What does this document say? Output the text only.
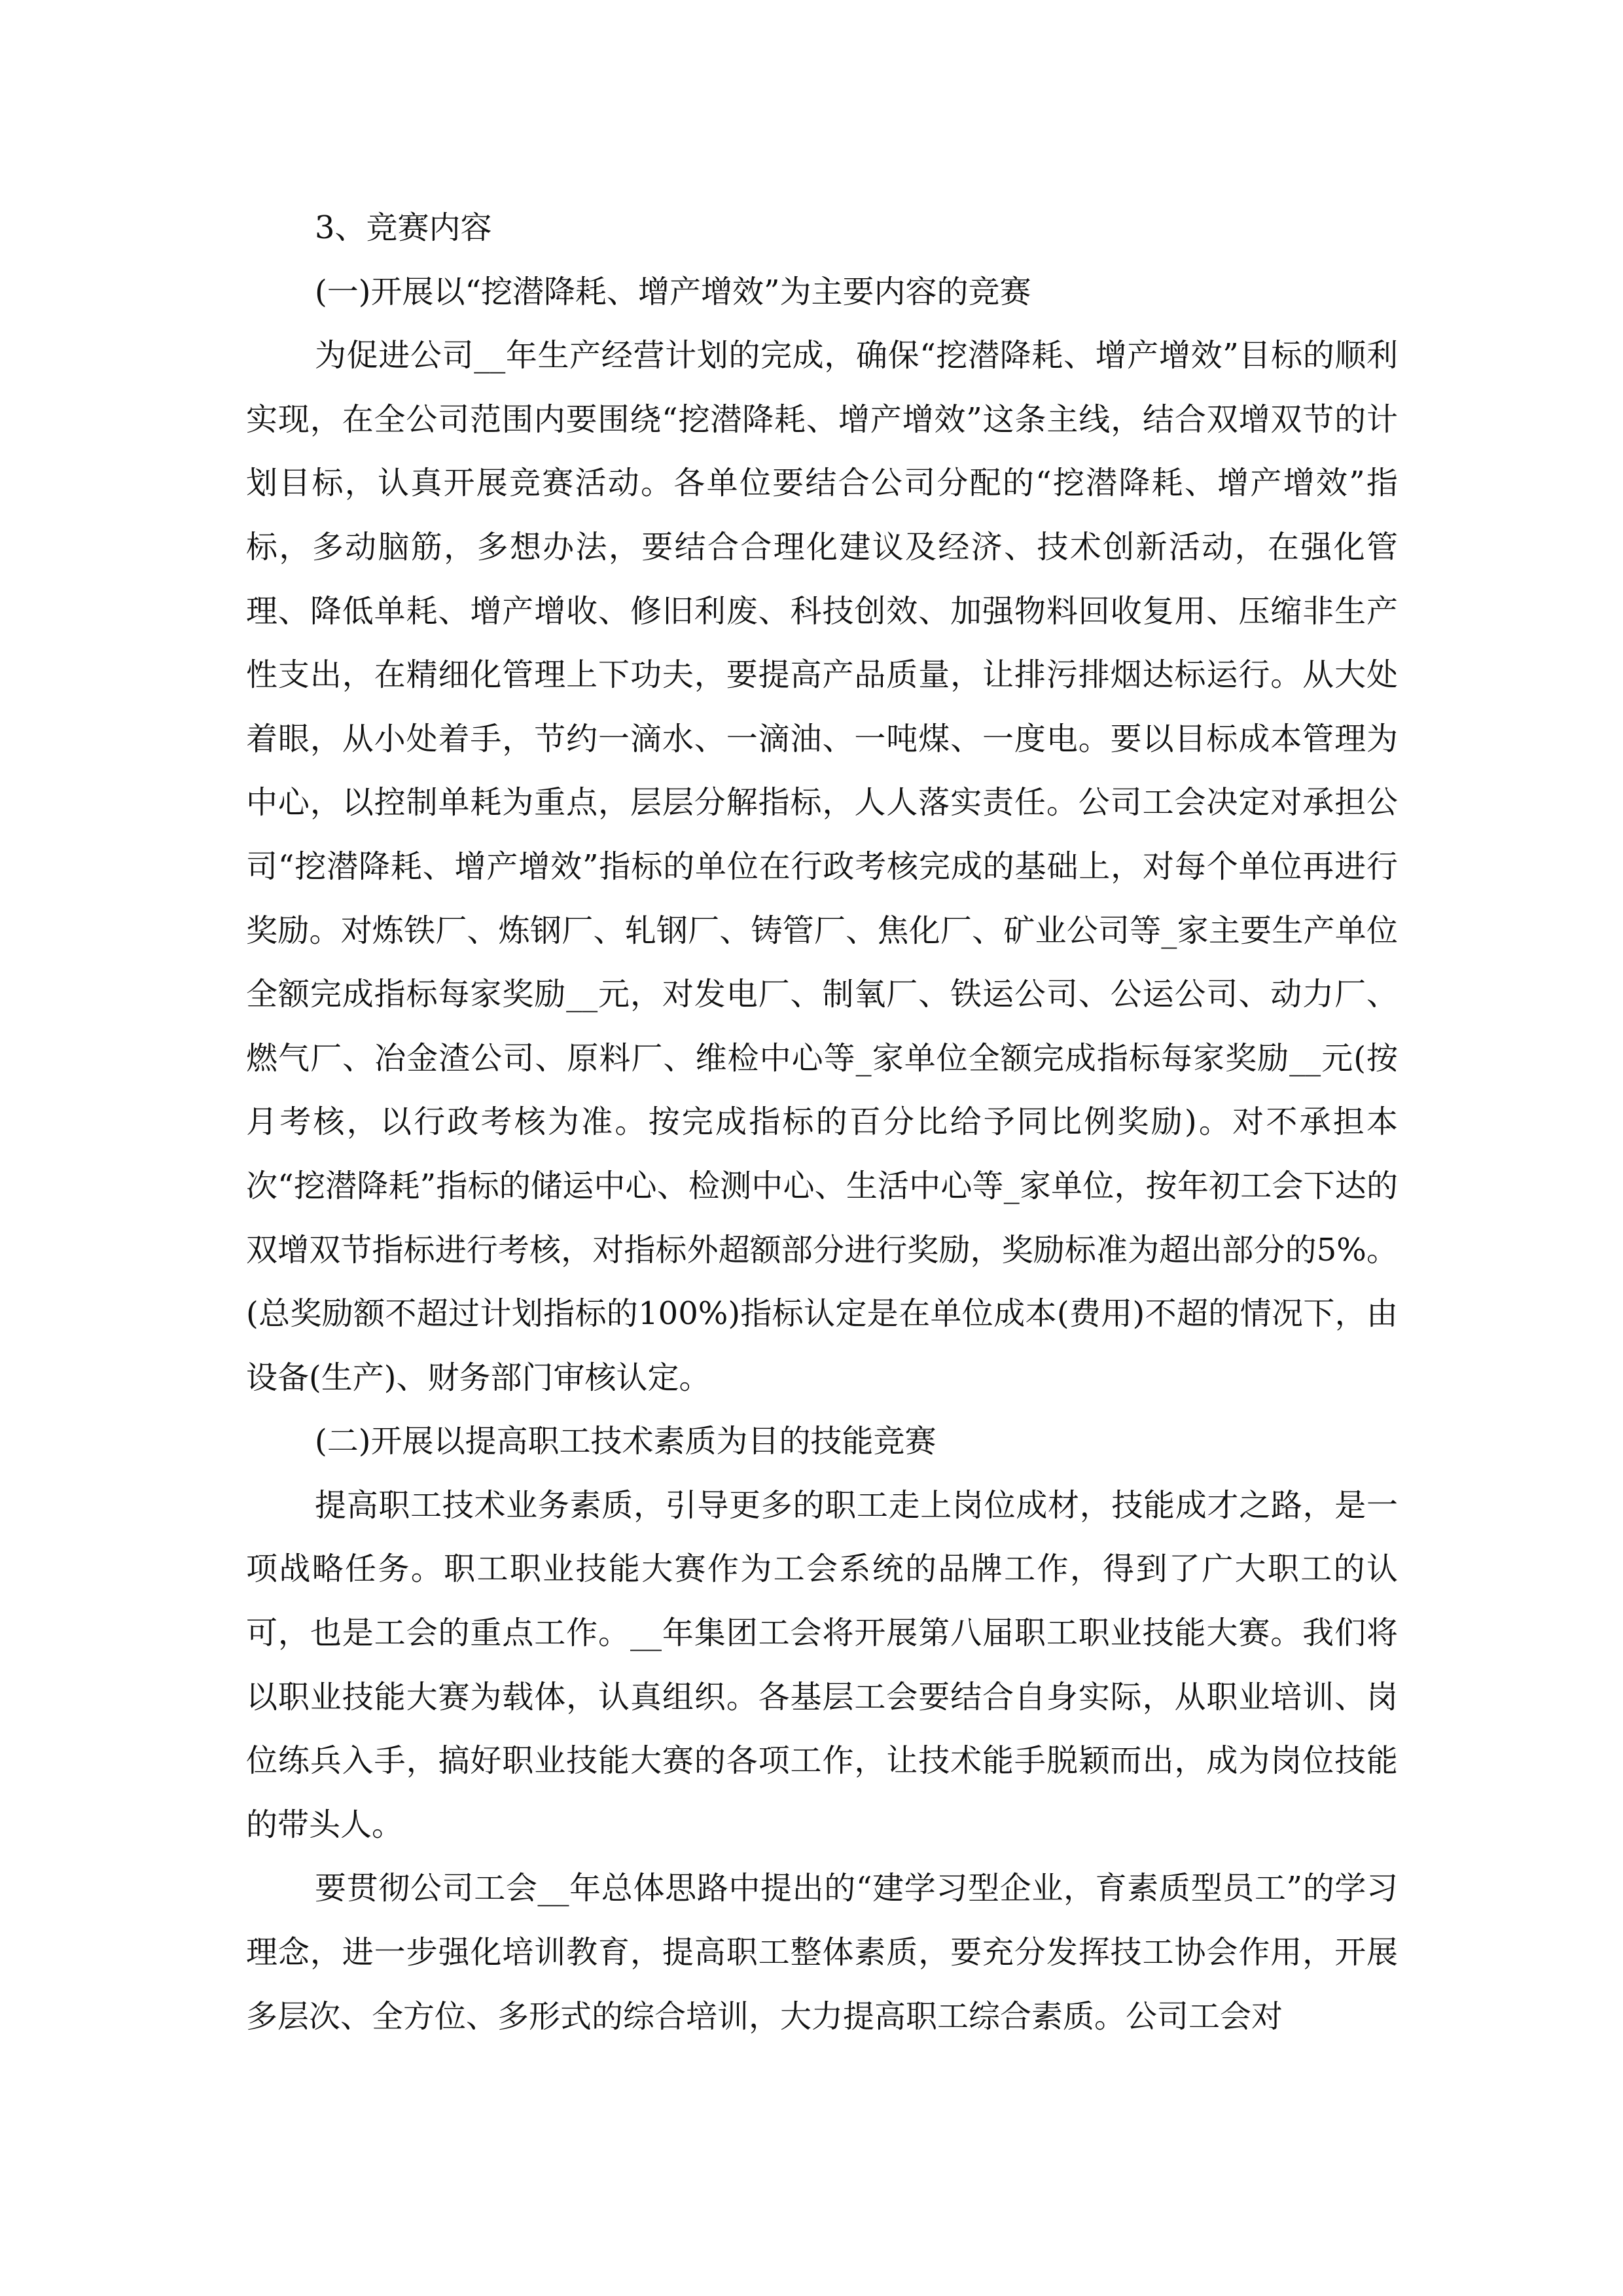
3、竞赛内容

(一)开展以“挖潜降耗、增产增效”为主要内容的竞赛

为促进公司__年生产经营计划的完成，确保“挖潜降耗、增产增效”目标的顺利实现，在全公司范围内要围绕“挖潜降耗、增产增效”这条主线，结合双增双节的计划目标，认真开展竞赛活动。各单位要结合公司分配的“挖潜降耗、增产增效”指标，多动脑筋，多想办法，要结合合理化建议及经济、技术创新活动，在强化管理、降低单耗、增产增收、修旧利废、科技创效、加强物料回收复用、压缩非生产性支出，在精细化管理上下功夫，要提高产品质量，让排污排烟达标运行。从大处着眼，从小处着手，节约一滴水、一滴油、一吨煤、一度电。要以目标成本管理为中心，以控制单耗为重点，层层分解指标，人人落实责任。公司工会决定对承担公司“挖潜降耗、增产增效”指标的单位在行政考核完成的基础上，对每个单位再进行奖励。对炼铁厂、炼钢厂、轧钢厂、铸管厂、焦化厂、矿业公司等_家主要生产单位全额完成指标每家奖励__元，对发电厂、制氧厂、铁运公司、公运公司、动力厂、燃气厂、冶金渣公司、原料厂、维检中心等_家单位全额完成指标每家奖励__元(按月考核，以行政考核为准。按完成指标的百分比给予同比例奖励)。对不承担本次“挖潜降耗”指标的储运中心、检测中心、生活中心等_家单位，按年初工会下达的双增双节指标进行考核，对指标外超额部分进行奖励，奖励标准为超出部分的5%。(总奖励额不超过计划指标的100%)指标认定是在单位成本(费用)不超的情况下，由设备(生产)、财务部门审核认定。

(二)开展以提高职工技术素质为目的技能竞赛

提高职工技术业务素质，引导更多的职工走上岗位成材，技能成才之路，是一项战略任务。职工职业技能大赛作为工会系统的品牌工作，得到了广大职工的认可，也是工会的重点工作。__年集团工会将开展第八届职工职业技能大赛。我们将以职业技能大赛为载体，认真组织。各基层工会要结合自身实际，从职业培训、岗位练兵入手，搞好职业技能大赛的各项工作，让技术能手脱颖而出，成为岗位技能的带头人。

要贯彻公司工会__年总体思路中提出的“建学习型企业，育素质型员工”的学习理念，进一步强化培训教育，提高职工整体素质，要充分发挥技工协会作用，开展多层次、全方位、多形式的综合培训，大力提高职工综合素质。公司工会对
